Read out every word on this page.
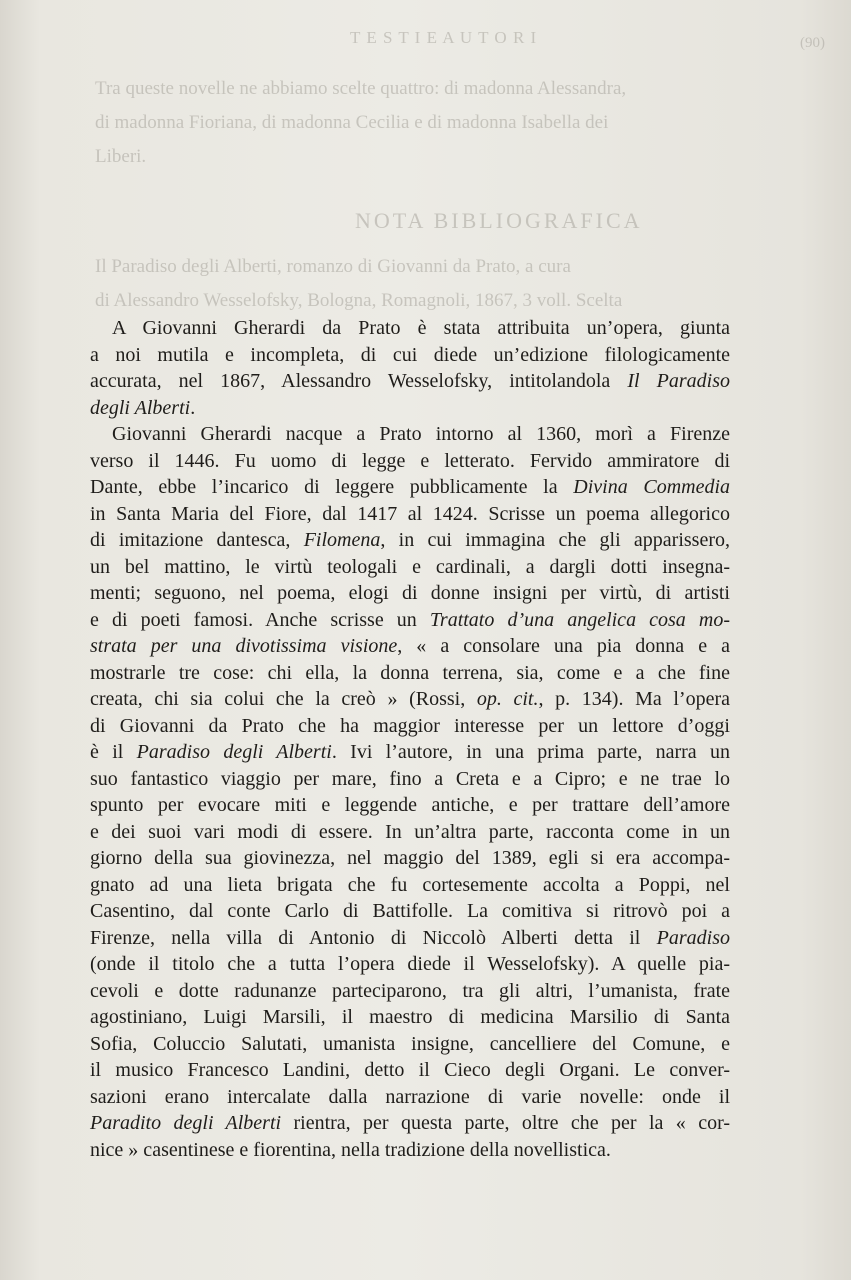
T E S T I E A U T O R I	(90)
Tra queste novelle ne abbiamo scelte quattro: di madonna Alessandra,
di madonna Fioriana, di madonna Cecilia e di madonna Isabella dei
Liberi.
NOTA BIBLIOGRAFICA
Il Paradiso degli Alberti, romanzo di Giovanni da Prato, a cura
di Alessandro Wesselofsky, Bologna, Romagnoli, 1867, 3 voll. Scelta
A Giovanni Gherardi da Prato è stata attribuita un’opera, giunta
a noi mutila e incompleta, di cui diede un’edizione filologicamente
accurata, nel 1867, Alessandro Wesselofsky, intitolandola Il Paradiso
degli Alberti.
Giovanni Gherardi nacque a Prato intorno al 1360, morì a Firenze
verso il 1446. Fu uomo di legge e letterato. Fervido ammiratore di
Dante, ebbe l’incarico di leggere pubblicamente la Divina Commedia
in Santa Maria del Fiore, dal 1417 al 1424. Scrisse un poema allegorico
di imitazione dantesca, Filomena, in cui immagina che gli apparissero,
un bel mattino, le virtù teologali e cardinali, a dargli dotti insegna-
menti; seguono, nel poema, elogi di donne insigni per virtù, di artisti
e di poeti famosi. Anche scrisse un Trattato d’una angelica cosa mo-
strata per una divotissima visione, « a consolare una pia donna e a
mostrarle tre cose: chi ella, la donna terrena, sia, come e a che fine
creata, chi sia colui che la creò » (Rossi, op. cit., p. 134). Ma l’opera
di Giovanni da Prato che ha maggior interesse per un lettore d’oggi
è il Paradiso degli Alberti. Ivi l’autore, in una prima parte, narra un
suo fantastico viaggio per mare, fino a Creta e a Cipro; e ne trae lo
spunto per evocare miti e leggende antiche, e per trattare dell’amore
e dei suoi vari modi di essere. In un’altra parte, racconta come in un
giorno della sua giovinezza, nel maggio del 1389, egli si era accompa-
gnato ad una lieta brigata che fu cortesemente accolta a Poppi, nel
Casentino, dal conte Carlo di Battifolle. La comitiva si ritrovò poi a
Firenze, nella villa di Antonio di Niccolò Alberti detta il Paradiso
(onde il titolo che a tutta l’opera diede il Wesselofsky). A quelle pia-
cevoli e dotte radunanze parteciparono, tra gli altri, l’umanista, frate
agostiniano, Luigi Marsili, il maestro di medicina Marsilio di Santa
Sofia, Coluccio Salutati, umanista insigne, cancelliere del Comune, e
il musico Francesco Landini, detto il Cieco degli Organi. Le conver-
sazioni erano intercalate dalla narrazione di varie novelle: onde il
Paradito degli Alberti rientra, per questa parte, oltre che per la « cor-
nice » casentinese e fiorentina, nella tradizione della novellistica.
